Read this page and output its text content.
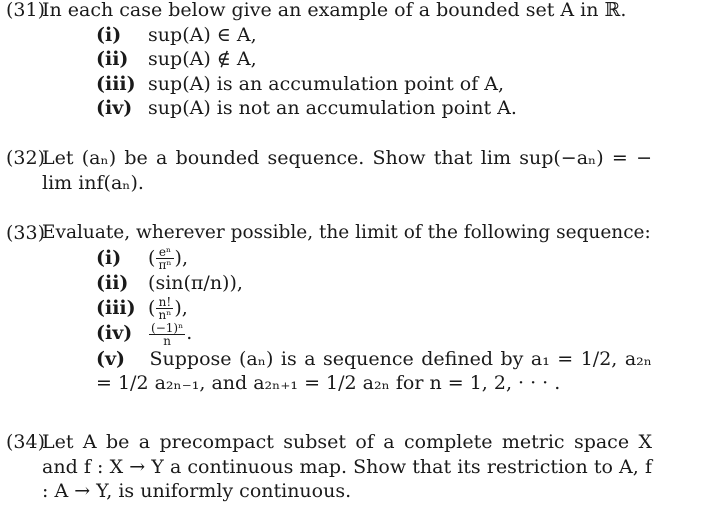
(31)
In each case below give an example of a bounded set A in ℝ.
(i) sup(A) ∈ A,
(ii) sup(A) ∉ A,
(iii) sup(A) is an accumulation point of A,
(iv) sup(A) is not an accumulation point A.
(32)
Let (aₙ) be a bounded sequence. Show that lim sup(−aₙ) = − lim inf(aₙ).
(33)
Evaluate, wherever possible, the limit of the following sequence:
(i) ( $\frac{\text{eⁿ}}{\text{πⁿ}}$ ),
(ii) (sin(π/n)),
(iii) ( $\frac{n!}{\text{nⁿ}}$ ),
$(iv) \frac{\text{(−1)ⁿ}}{n}$ .
(v) Suppose (aₙ) is a sequence defined by a₁ = 1/2, a₂ₙ = 1/2 a₂ₙ₋₁, and a₂ₙ₊₁ = 1/2 a₂ₙ for n = 1, 2, · · · .
(34)
Let A be a precompact subset of a complete metric space X and f : X → Y a continuous map. Show that its restriction to A, f : A → Y, is uniformly continuous.
